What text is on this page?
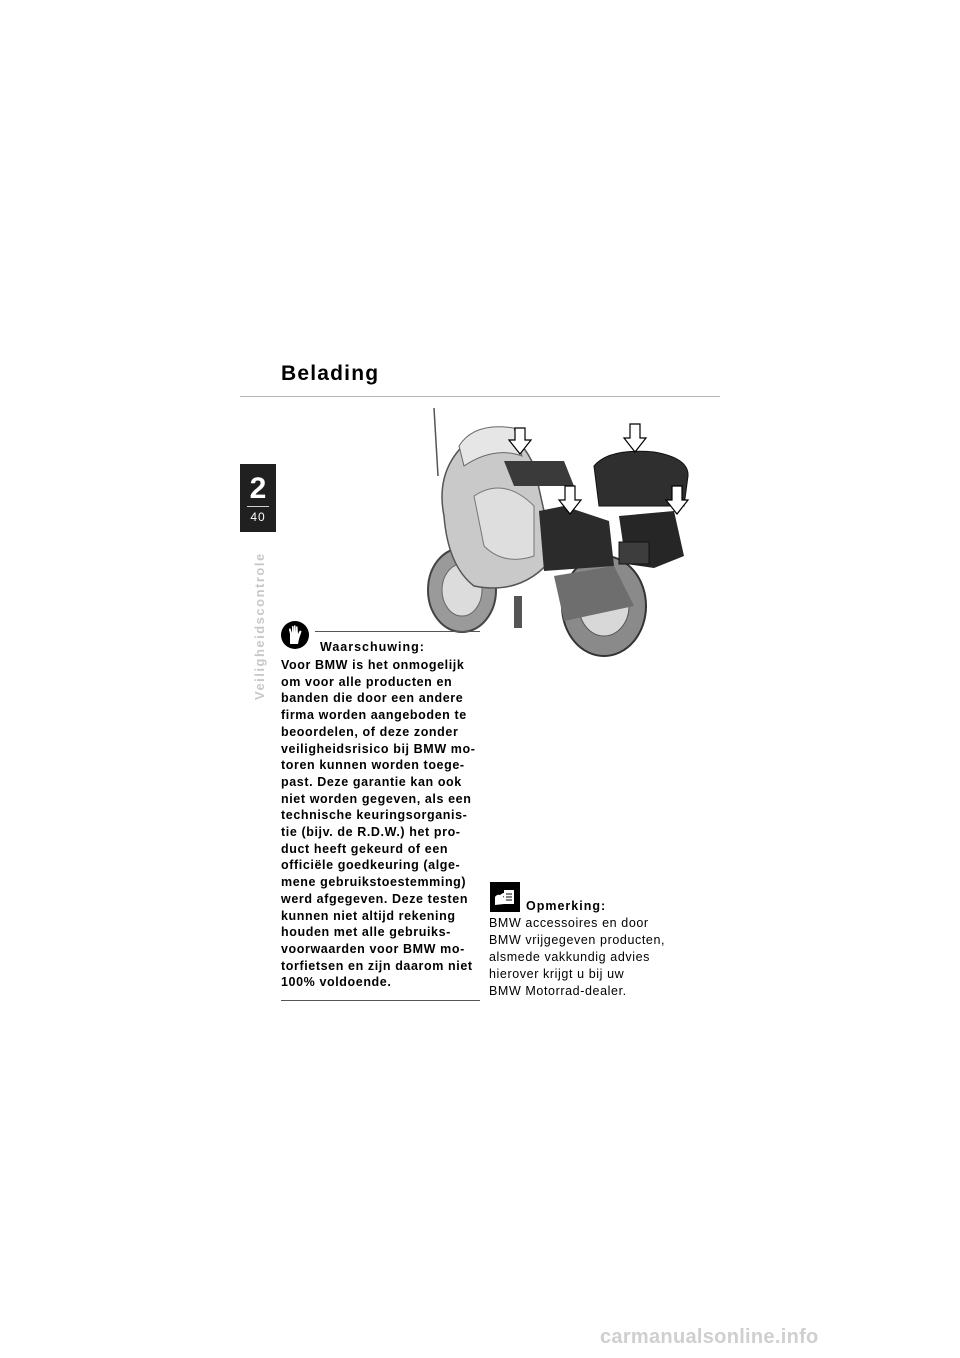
Belading
2
40
Veiligheidscontrole	Waarschuwing:
Voor BMW is het onmogelijk
om voor alle producten en
banden die door een andere
firma worden aangeboden te
beoordelen, of deze zonder
veiligheidsrisico bij BMW mo-
toren kunnen worden toege-
past. Deze garantie kan ook
niet worden gegeven, als een
technische keuringsorganis-
tie (bijv. de R.D.W.) het pro-
duct heeft gekeurd of een
officiële goedkeuring (alge-
mene gebruikstoestemming)
werd afgegeven. Deze testen
kunnen niet altijd rekening
houden met alle gebruiks-
voorwaarden voor BMW mo-
torfietsen en zijn daarom niet
100% voldoende.
Opmerking:
BMW accessoires en door
BMW vrijgegeven producten,
alsmede vakkundig advies
hierover krijgt u bij uw
BMW Motorrad-dealer.
carmanualsonline.info
